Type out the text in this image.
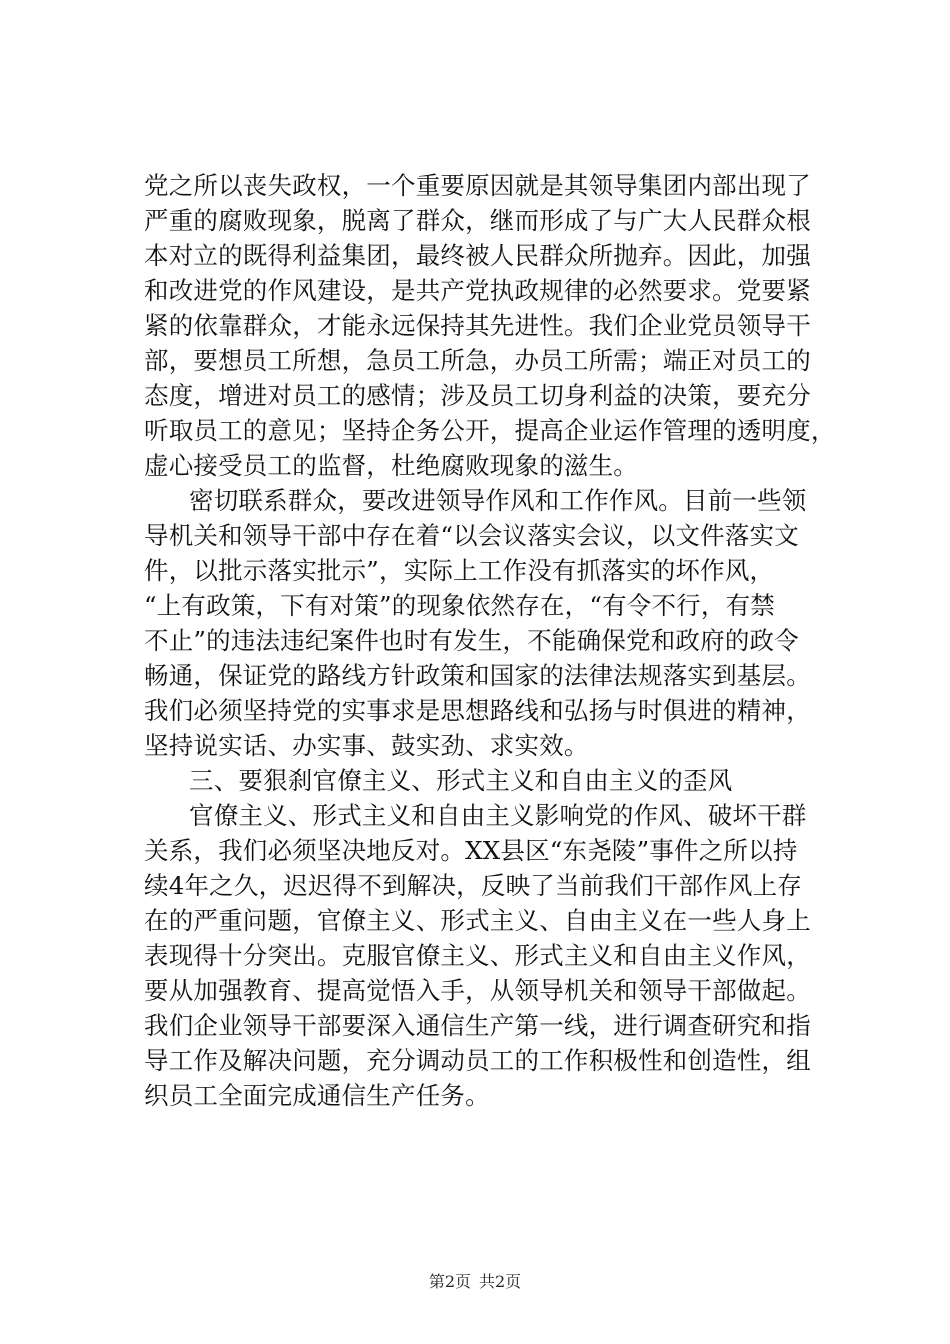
党之所以丧失政权，一个重要原因就是其领导集团内部出现了
严重的腐败现象，脱离了群众，继而形成了与广大人民群众根
本对立的既得利益集团，最终被人民群众所抛弃。因此，加强
和改进党的作风建设，是共产党执政规律的必然要求。党要紧
紧的依靠群众，才能永远保持其先进性。我们企业党员领导干
部，要想员工所想，急员工所急，办员工所需；端正对员工的
态度，增进对员工的感情；涉及员工切身利益的决策，要充分
听取员工的意见；坚持企务公开，提高企业运作管理的透明度，
虚心接受员工的监督，杜绝腐败现象的滋生。
密切联系群众，要改进领导作风和工作作风。目前一些领
导机关和领导干部中存在着“以会议落实会议，以文件落实文
件，以批示落实批示”，实际上工作没有抓落实的坏作风，
“上有政策，下有对策”的现象依然存在，“有令不行，有禁
不止”的违法违纪案件也时有发生，不能确保党和政府的政令
畅通，保证党的路线方针政策和国家的法律法规落实到基层。
我们必须坚持党的实事求是思想路线和弘扬与时俱进的精神，
坚持说实话、办实事、鼓实劲、求实效。
三、要狠刹官僚主义、形式主义和自由主义的歪风
官僚主义、形式主义和自由主义影响党的作风、破坏干群
关系，我们必须坚决地反对。XX县区“东尧陵”事件之所以持
续4年之久，迟迟得不到解决，反映了当前我们干部作风上存
在的严重问题，官僚主义、形式主义、自由主义在一些人身上
表现得十分突出。克服官僚主义、形式主义和自由主义作风，
要从加强教育、提高觉悟入手，从领导机关和领导干部做起。
我们企业领导干部要深入通信生产第一线，进行调查研究和指
导工作及解决问题，充分调动员工的工作积极性和创造性，组
织员工全面完成通信生产任务。
第2页 共2页
